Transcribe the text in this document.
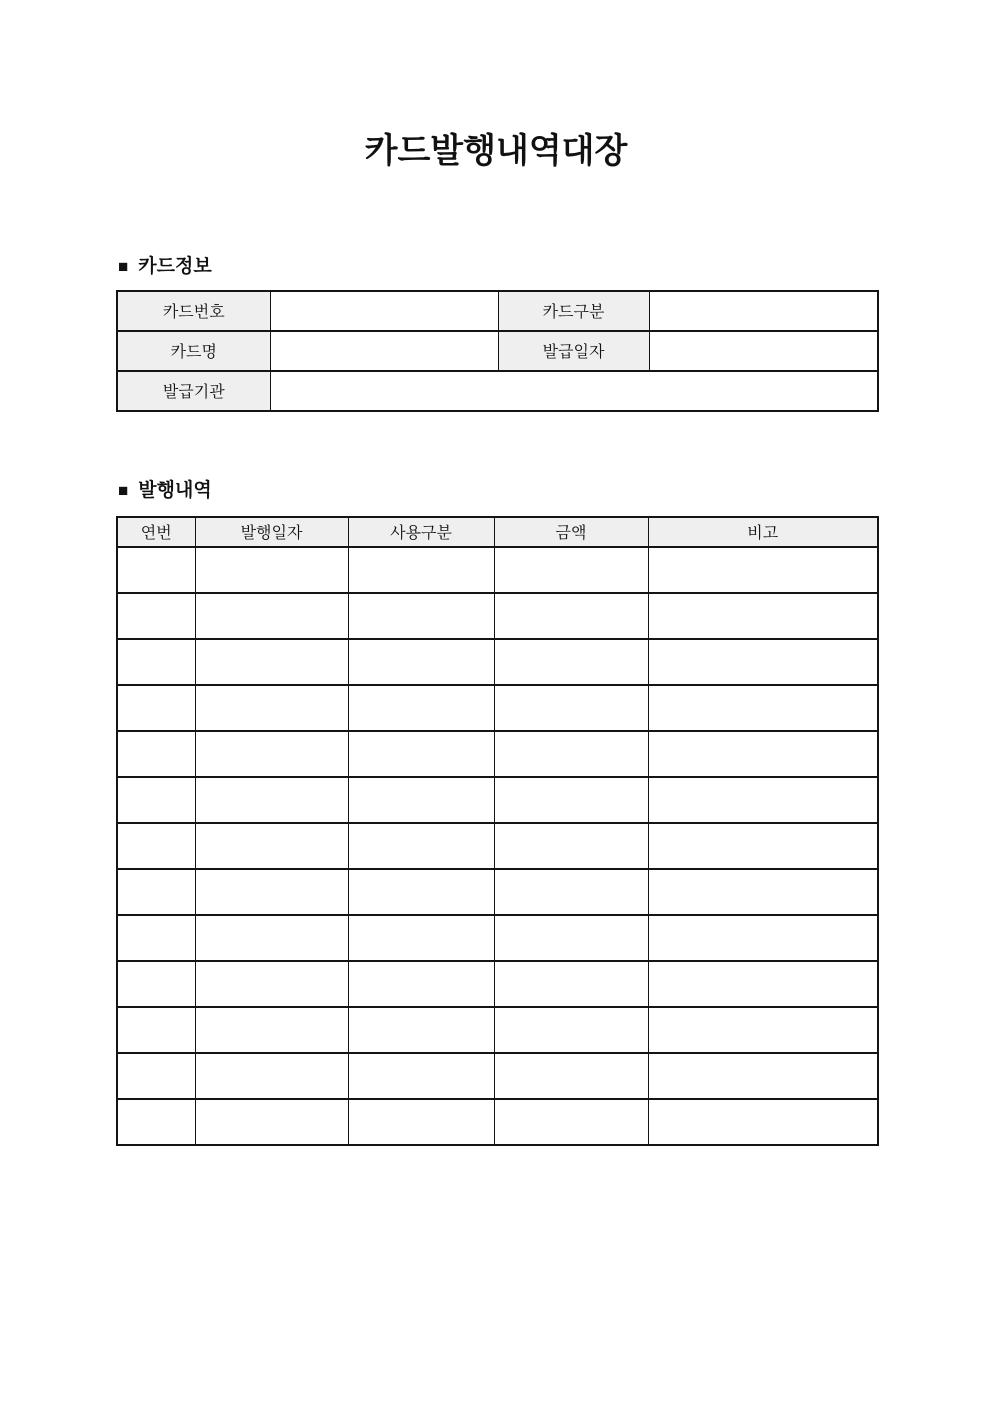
카드발행내역대장
■ 카드정보
카드번호		카드구분	
카드명		발급일자	
발급기관			
■ 발행내역
연번	발행일자	사용구분	금액	비고
